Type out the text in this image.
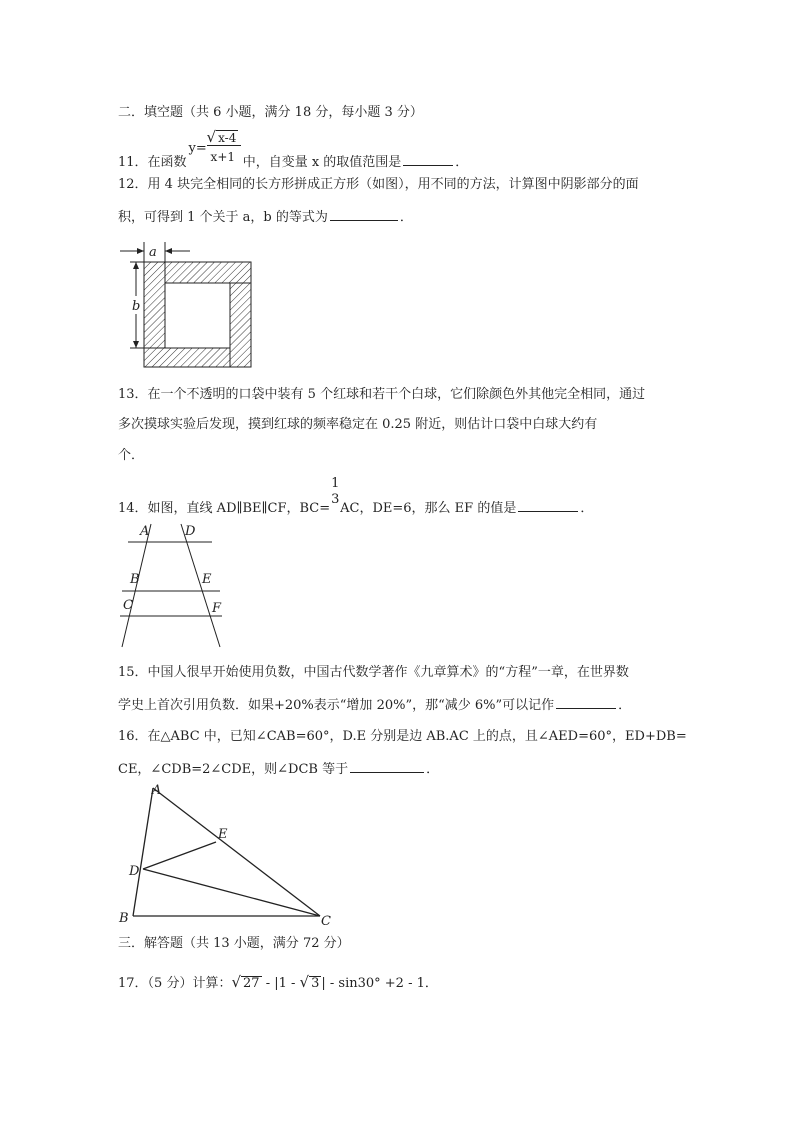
二．填空题（共 6 小题，满分 18 分，每小题 3 分）
11．在函数
y=
√ x-4
x+1 中，自变量 x 的取值范围是	．
12．用 4 块完全相同的长方形拼成正方形（如图），用不同的方法，计算图中阴影部分的面
积，可得到 1 个关于 a，b 的等式为	．
a
b
13．在一个不透明的口袋中装有 5 个红球和若干个白球，它们除颜色外其他完全相同，通过
多次摸球实验后发现，摸到红球的频率稳定在 0.25 附近，则估计口袋中白球大约有
个．
14．如图，直线 AD∥BE∥CF，BC=
1
3
AC，DE=6，那么 EF 的值是	．
A	D
B	E
C	F
15．中国人很早开始使用负数，中国古代数学著作《九章算术》的“方程”一章，在世界数
学史上首次引用负数．如果+20%表示“增加 20%”，那“减少 6%”可以记作	．
16．在△ABC 中，已知∠CAB=60°，D.E 分别是边 AB.AC 上的点，且∠AED=60°，ED+DB=
CE，∠CDB=2∠CDE，则∠DCB 等于	．
A
E
D
B	C
三．解答题（共 13 小题，满分 72 分）
17．（5 分）计算：√ 27 - |1 - √ 3 | - sin30° +2 - 1．
